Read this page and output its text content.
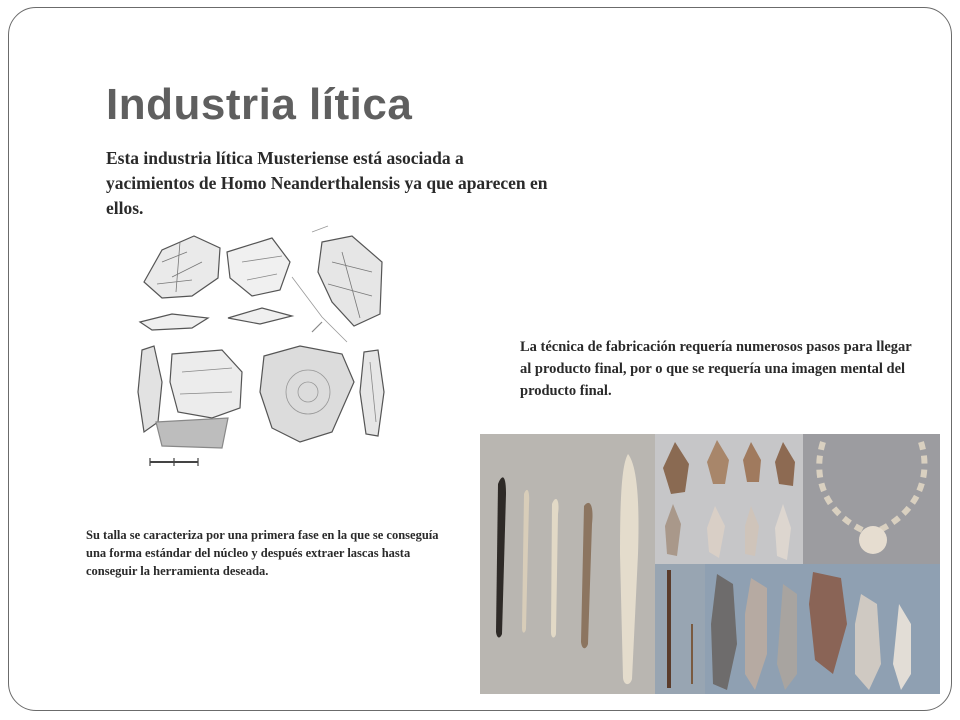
Industria lítica

Esta industria lítica Musteriense está asociada a yacimientos de Homo Neanderthalensis ya que aparecen en ellos.

La técnica de fabricación requería numerosos pasos para llegar al producto final, por o que se requería una imagen mental del producto final.

Su talla se caracteriza por una primera fase en la que se conseguía una forma estándar del núcleo y después extraer lascas hasta conseguir la herramienta deseada.
